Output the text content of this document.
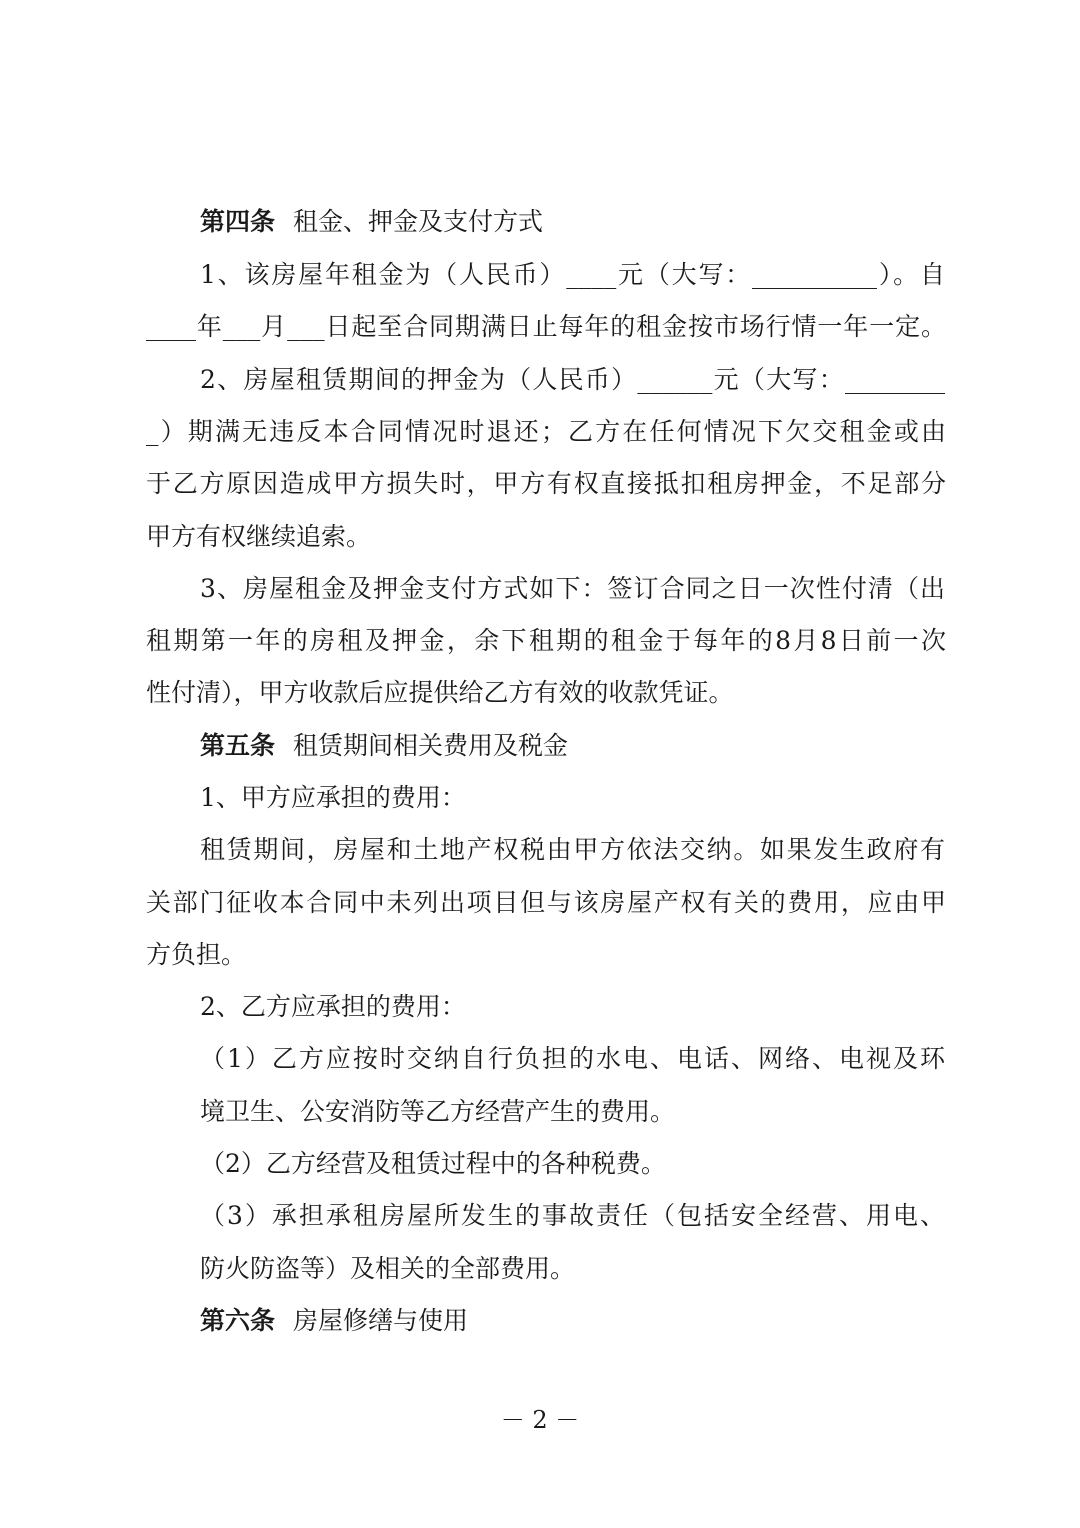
第四条 租金、押金及支付方式
1、该房屋年租金为（人民币）____元（大写：__________）。自
____年___月___日起至合同期满日止每年的租金按市场行情一年一定。
2、房屋租赁期间的押金为（人民币）______元（大写：________
_）期满无违反本合同情况时退还；乙方在任何情况下欠交租金或由
于乙方原因造成甲方损失时，甲方有权直接抵扣租房押金，不足部分
甲方有权继续追索。
3、房屋租金及押金支付方式如下：签订合同之日一次性付清（出
租期第一年的房租及押金，余下租期的租金于每年的8月8日前一次
性付清），甲方收款后应提供给乙方有效的收款凭证。
第五条 租赁期间相关费用及税金
1、甲方应承担的费用：
租赁期间，房屋和土地产权税由甲方依法交纳。如果发生政府有
关部门征收本合同中未列出项目但与该房屋产权有关的费用，应由甲
方负担。
2、乙方应承担的费用：
（1）乙方应按时交纳自行负担的水电、电话、网络、电视及环
境卫生、公安消防等乙方经营产生的费用。
（2）乙方经营及租赁过程中的各种税费。
（3）承担承租房屋所发生的事故责任（包括安全经营、用电、
防火防盗等）及相关的全部费用。
第六条 房屋修缮与使用
－ 2 －
